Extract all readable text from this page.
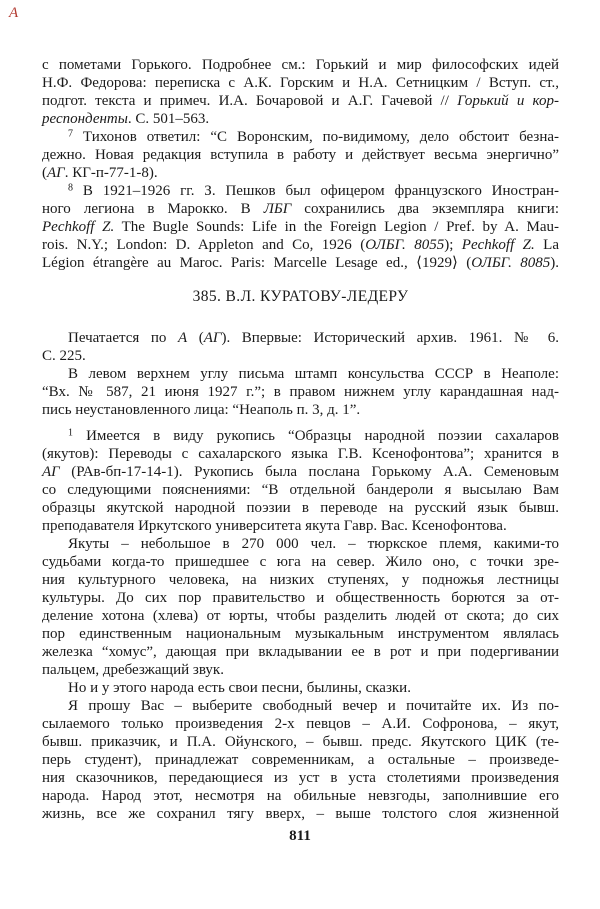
А
с пометами Горького. Подробнее см.: Горький и мир философских идей
Н.Ф. Федорова: переписка с А.К. Горским и Н.А. Сетницким / Вступ. ст.,
подгот. текста и примеч. И.А. Бочаровой и А.Г. Гачевой // Горький и кор-
респонденты. С. 501–563.
$^7$ Тихонов ответил: “С Воронским, по-видимому, дело обстоит безна-
дежно. Новая редакция вступила в работу и действует весьма энергично”
(АГ. КГ-п-77-1-8).
$^8$ В 1921–1926 гг. З. Пешков был офицером французского Иностран-
ного легиона в Марокко. В ЛБГ сохранились два экземпляра книги:
Pechkoff Z. The Bugle Sounds: Life in the Foreign Legion / Pref. by A. Mau-
rois. N.Y.; London: D. Appleton and Co, 1926 (ОЛБГ. 8055); Pechkoff Z. La
Légion étrangère au Maroc. Paris: Marcelle Lesage ed., ⟨1929⟩ (ОЛБГ. 8085).
385. В.Л. КУРАТОВУ-ЛЕДЕРУ
Печатается по А (АГ). Впервые: Исторический архив. 1961. № 6.
С. 225.
В левом верхнем углу письма штамп консульства СССР в Неаполе:
“Вх. № 587, 21 июня 1927 г.”; в правом нижнем углу карандашная над-
пись неустановленного лица: “Неаполь п. 3, д. 1”.
$^1$ Имеется в виду рукопись “Образцы народной поэзии сахаларов
(якутов): Переводы с сахаларского языка Г.В. Ксенофонтова”; хранится в
АГ (РАв-бп-17-14-1). Рукопись была послана Горькому А.А. Семеновым
со следующими пояснениями: “В отдельной бандероли я высылаю Вам
образцы якутской народной поэзии в переводе на русский язык бывш.
преподавателя Иркутского университета якута Гавр. Вас. Ксенофонтова.
Якуты – небольшое в 270 000 чел. – тюркское племя, какими-то
судьбами когда-то пришедшее с юга на север. Жило оно, с точки зре-
ния культурного человека, на низких ступенях, у подножья лестницы
культуры. До сих пор правительство и общественность борются за от-
деление хотона (хлева) от юрты, чтобы разделить людей от скота; до сих
пор единственным национальным музыкальным инструментом являлась
железка “хомус”, дающая при вкладывании ее в рот и при подергивании
пальцем, дребезжащий звук.
Но и у этого народа есть свои песни, былины, сказки.
Я прошу Вас – выберите свободный вечер и почитайте их. Из по-
сылаемого только произведения 2-х певцов – А.И. Софронова, – якут,
бывш. приказчик, и П.А. Ойунского, – бывш. предс. Якутского ЦИК (те-
перь студент), принадлежат современникам, а остальные – произведе-
ния сказочников, передающиеся из уст в уста столетиями произведения
народа. Народ этот, несмотря на обильные невзгоды, заполнившие его
жизнь, все же сохранил тягу вверх, – выше толстого слоя жизненной
811
